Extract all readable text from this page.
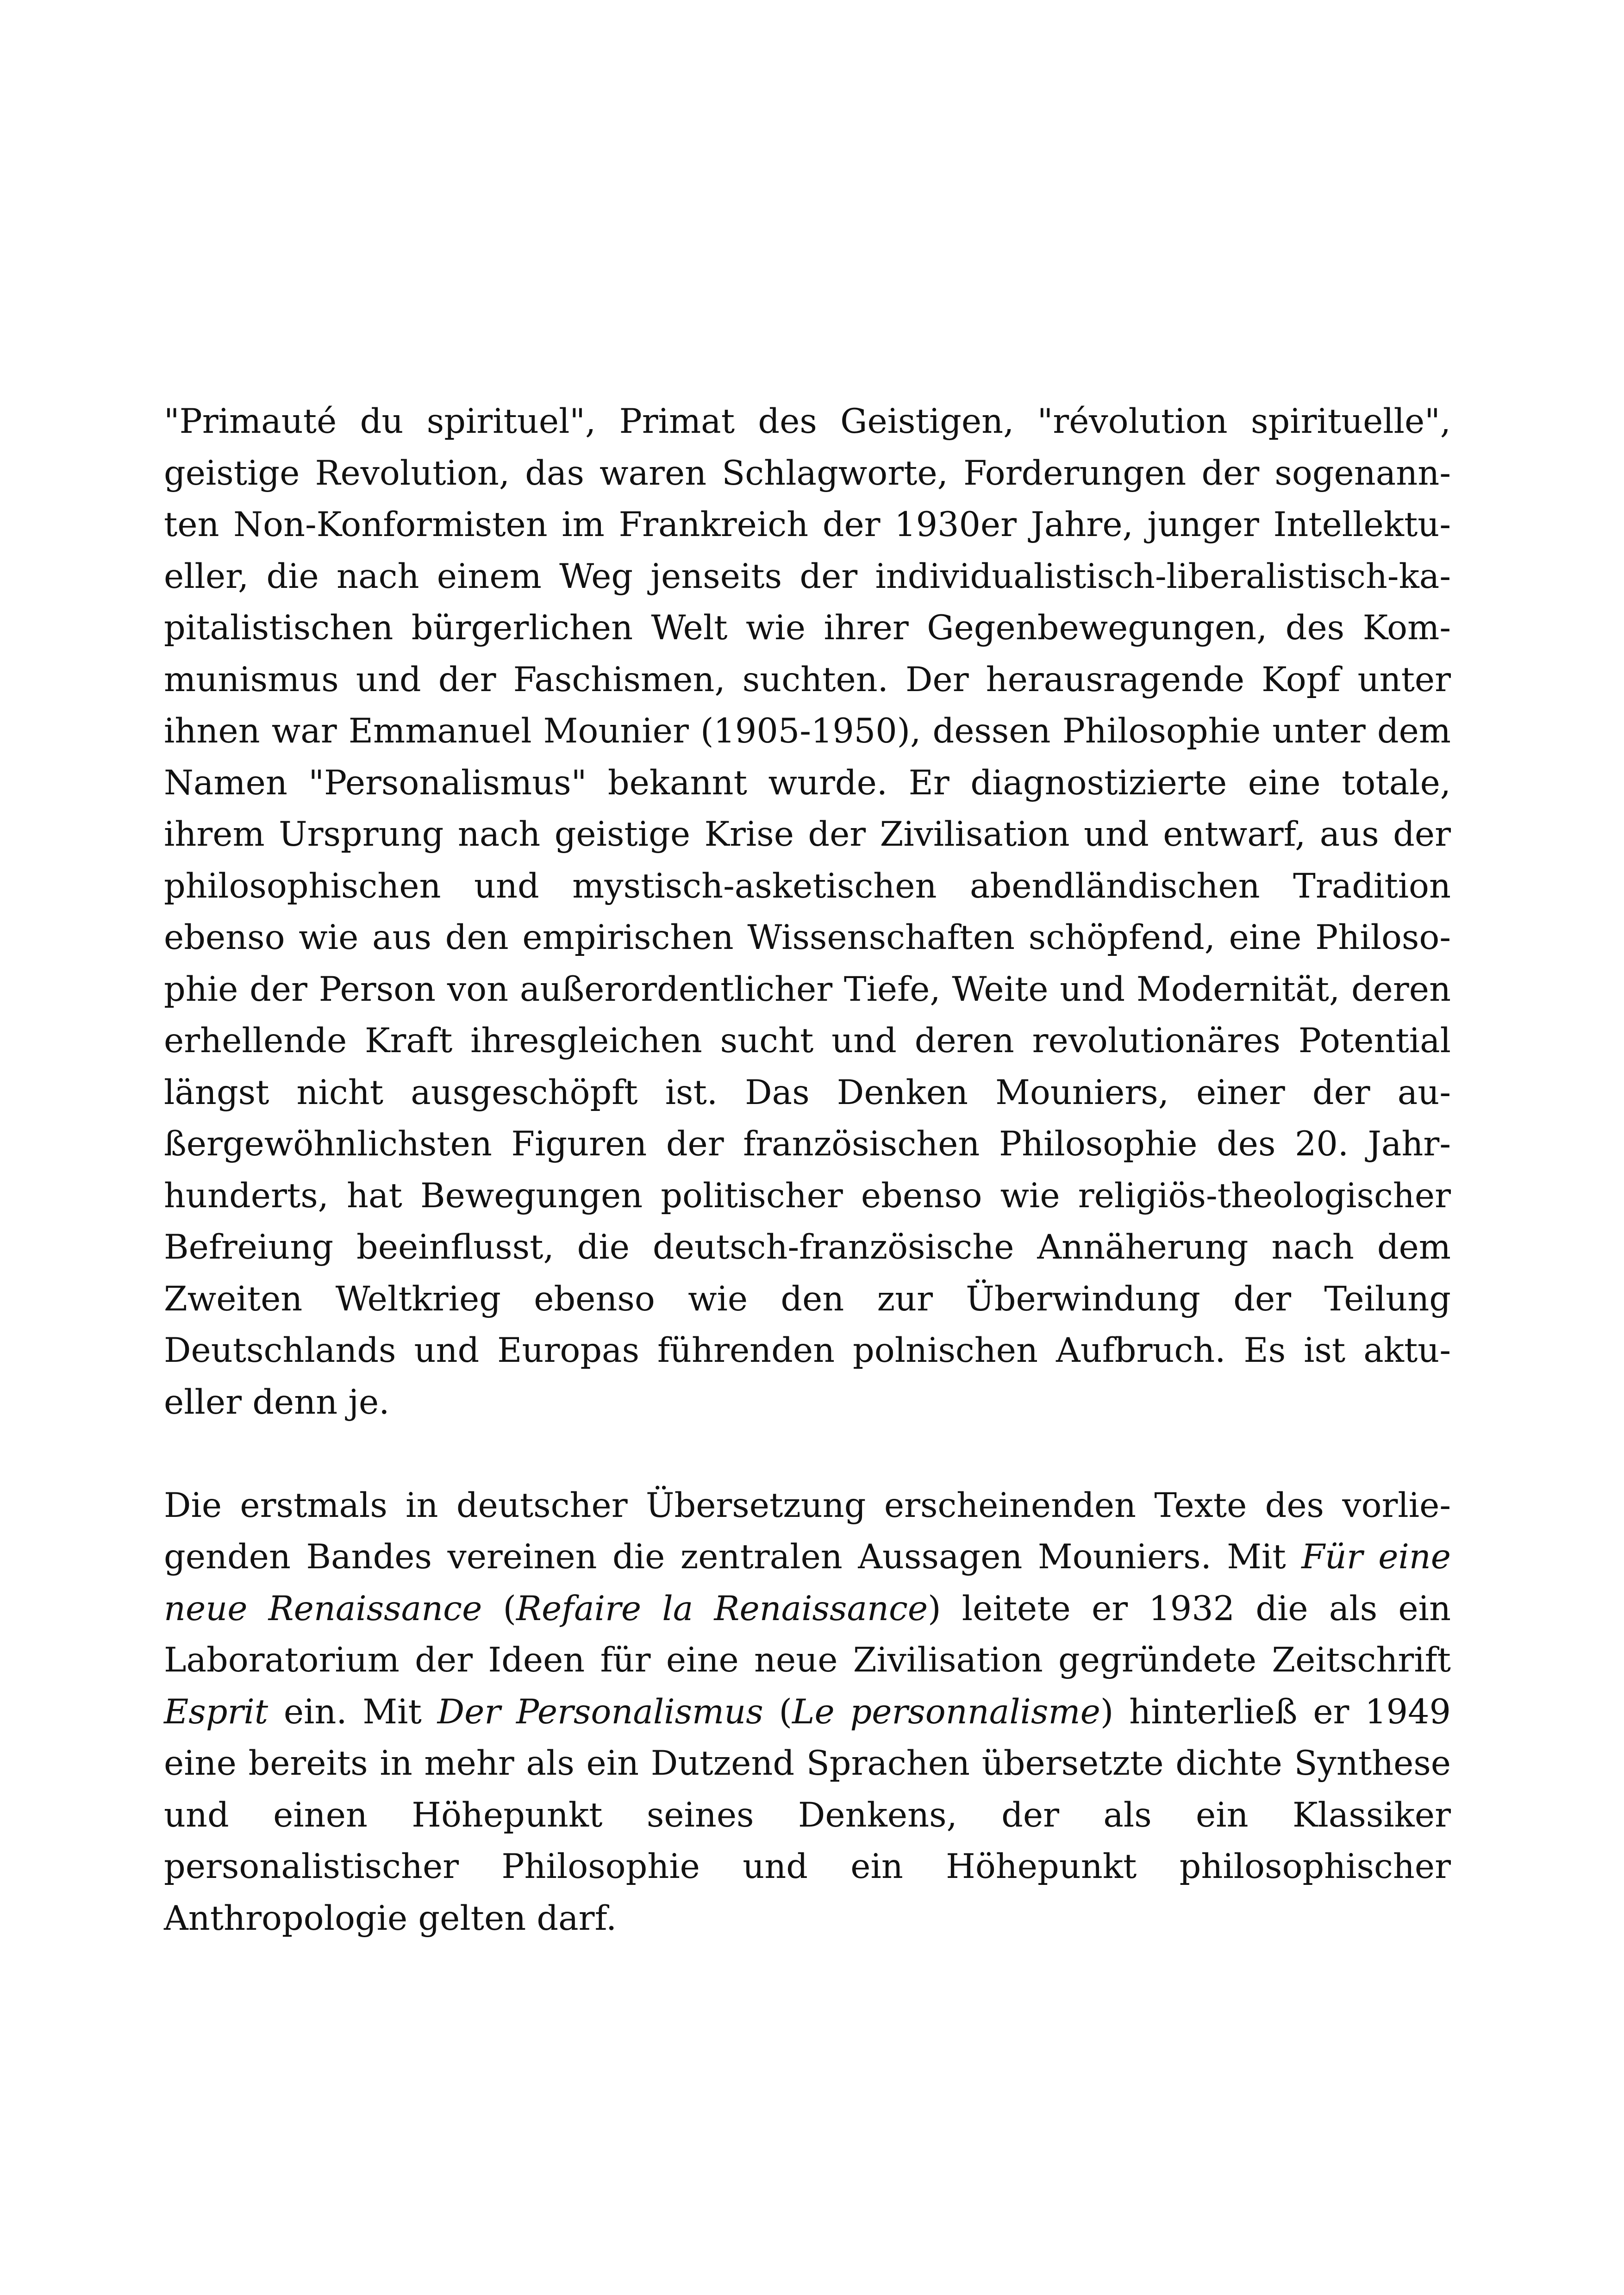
"Primauté du spirituel", Primat des Geistigen, "révolution spirituelle", geistige Revolution, das waren Schlagworte, Forderungen der sogenannten Non-Konformisten im Frankreich der 1930er Jahre, junger Intellektueller, die nach einem Weg jenseits der individualistisch-liberalistisch-kapitalistischen bürgerlichen Welt wie ihrer Gegenbewegungen, des Kommunismus und der Faschismen, suchten. Der herausragende Kopf unter ihnen war Emmanuel Mounier (1905-1950), dessen Philosophie unter dem Namen "Personalismus" bekannt wurde. Er diagnostizierte eine totale, ihrem Ursprung nach geistige Krise der Zivilisation und entwarf, aus der philosophischen und mystisch-asketischen abendländischen Tradition ebenso wie aus den empirischen Wissenschaften schöpfend, eine Philosophie der Person von außerordentlicher Tiefe, Weite und Modernität, deren erhellende Kraft ihresgleichen sucht und deren revolutionäres Potential längst nicht ausgeschöpft ist. Das Denken Mouniers, einer der außergewöhnlichsten Figuren der französischen Philosophie des 20. Jahrhunderts, hat Bewegungen politischer ebenso wie religiös-theologischer Befreiung beeinflusst, die deutsch-französische Annäherung nach dem Zweiten Weltkrieg ebenso wie den zur Überwindung der Teilung Deutschlands und Europas führenden polnischen Aufbruch. Es ist aktueller denn je.

Die erstmals in deutscher Übersetzung erscheinenden Texte des vorliegenden Bandes vereinen die zentralen Aussagen Mouniers. Mit Für eine neue Renaissance (Refaire la Renaissance) leitete er 1932 die als ein Laboratorium der Ideen für eine neue Zivilisation gegründete Zeitschrift Esprit ein. Mit Der Personalismus (Le personnalisme) hinterließ er 1949 eine bereits in mehr als ein Dutzend Sprachen übersetzte dichte Synthese und einen Höhepunkt seines Denkens, der als ein Klassiker personalistischer Philosophie und ein Höhepunkt philosophischer Anthropologie gelten darf.
